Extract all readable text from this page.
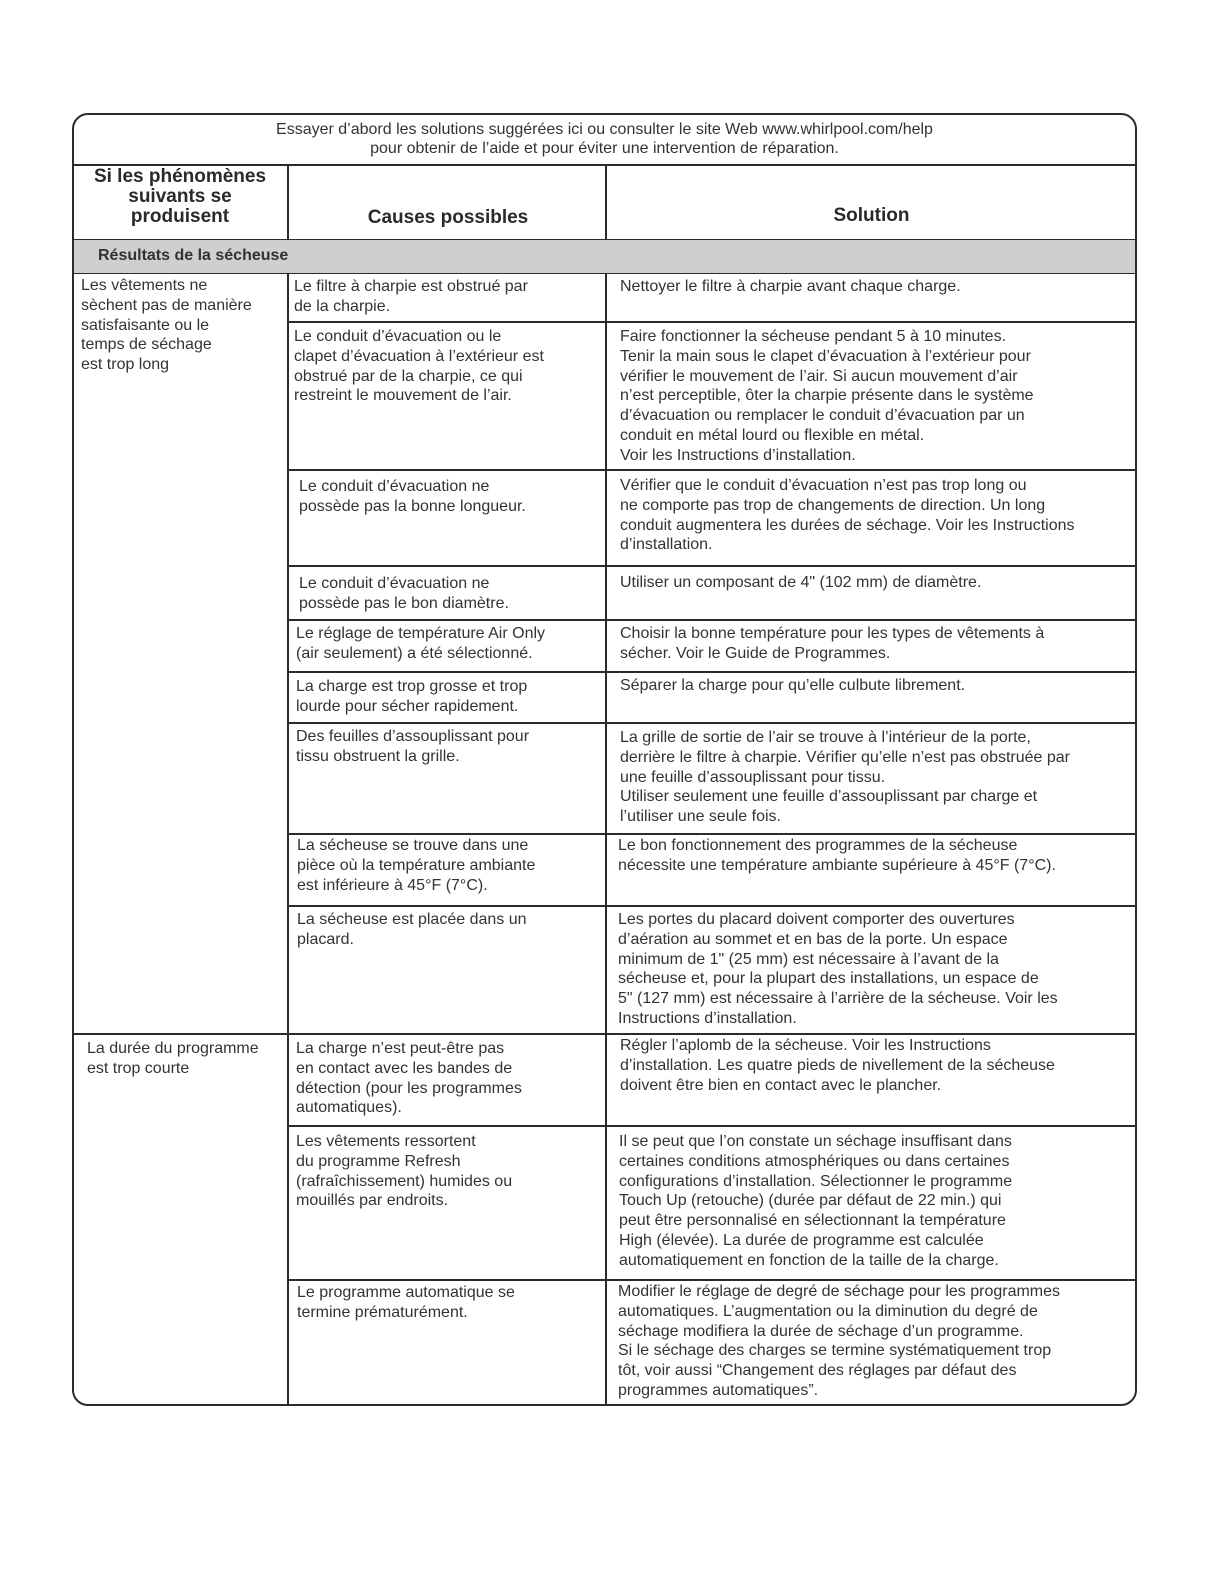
Essayer d’abord les solutions suggérées ici ou consulter le site Web www.whirlpool.com/help
pour obtenir de l’aide et pour éviter une intervention de réparation.
Si les phénomènes
suivants se
produisent	Causes possibles	Solution
Résultats de la sécheuse
Les vêtements ne
sèchent pas de manière
satisfaisante ou le
temps de séchage
est trop long
La durée du programme
est trop courte
Le filtre à charpie est obstrué par
de la charpie.
Le conduit d’évacuation ou le
clapet d’évacuation à l’extérieur est
obstrué par de la charpie, ce qui
restreint le mouvement de l’air.
Le conduit d’évacuation ne
possède pas la bonne longueur.
Le conduit d’évacuation ne
possède pas le bon diamètre.
Le réglage de température Air Only
(air seulement) a été sélectionné.
La charge est trop grosse et trop
lourde pour sécher rapidement.
Des feuilles d’assouplissant pour
tissu obstruent la grille.
La sécheuse se trouve dans une
pièce où la température ambiante
est inférieure à 45°F (7°C).
La sécheuse est placée dans un
placard.
La charge n’est peut-être pas
en contact avec les bandes de
détection (pour les programmes
automatiques).
Les vêtements ressortent
du programme Refresh
(rafraîchissement) humides ou
mouillés par endroits.
Le programme automatique se
termine prématurément.
Nettoyer le filtre à charpie avant chaque charge.
Faire fonctionner la sécheuse pendant 5 à 10 minutes.
Tenir la main sous le clapet d’évacuation à l’extérieur pour
vérifier le mouvement de l’air. Si aucun mouvement d’air
n’est perceptible, ôter la charpie présente dans le système
d’évacuation ou remplacer le conduit d’évacuation par un
conduit en métal lourd ou flexible en métal.
Voir les Instructions d’installation.
Vérifier que le conduit d’évacuation n’est pas trop long ou
ne comporte pas trop de changements de direction. Un long
conduit augmentera les durées de séchage. Voir les Instructions
d’installation.
Utiliser un composant de 4" (102 mm) de diamètre.
Choisir la bonne température pour les types de vêtements à
sécher. Voir le Guide de Programmes.
Séparer la charge pour qu’elle culbute librement.
La grille de sortie de l’air se trouve à l’intérieur de la porte,
derrière le filtre à charpie. Vérifier qu’elle n’est pas obstruée par
une feuille d’assouplissant pour tissu.
Utiliser seulement une feuille d’assouplissant par charge et
l’utiliser une seule fois.
Le bon fonctionnement des programmes de la sécheuse
nécessite une température ambiante supérieure à 45°F (7°C).
Les portes du placard doivent comporter des ouvertures
d’aération au sommet et en bas de la porte. Un espace
minimum de 1" (25 mm) est nécessaire à l’avant de la
sécheuse et, pour la plupart des installations, un espace de
5" (127 mm) est nécessaire à l’arrière de la sécheuse. Voir les
Instructions d’installation.
Régler l’aplomb de la sécheuse. Voir les Instructions
d’installation. Les quatre pieds de nivellement de la sécheuse
doivent être bien en contact avec le plancher.
Il se peut que l’on constate un séchage insuffisant dans
certaines conditions atmosphériques ou dans certaines
configurations d’installation. Sélectionner le programme
Touch Up (retouche) (durée par défaut de 22 min.) qui
peut être personnalisé en sélectionnant la température
High (élevée). La durée de programme est calculée
automatiquement en fonction de la taille de la charge.
Modifier le réglage de degré de séchage pour les programmes
automatiques. L’augmentation ou la diminution du degré de
séchage modifiera la durée de séchage d’un programme.
Si le séchage des charges se termine systématiquement trop
tôt, voir aussi “Changement des réglages par défaut des
programmes automatiques”.
